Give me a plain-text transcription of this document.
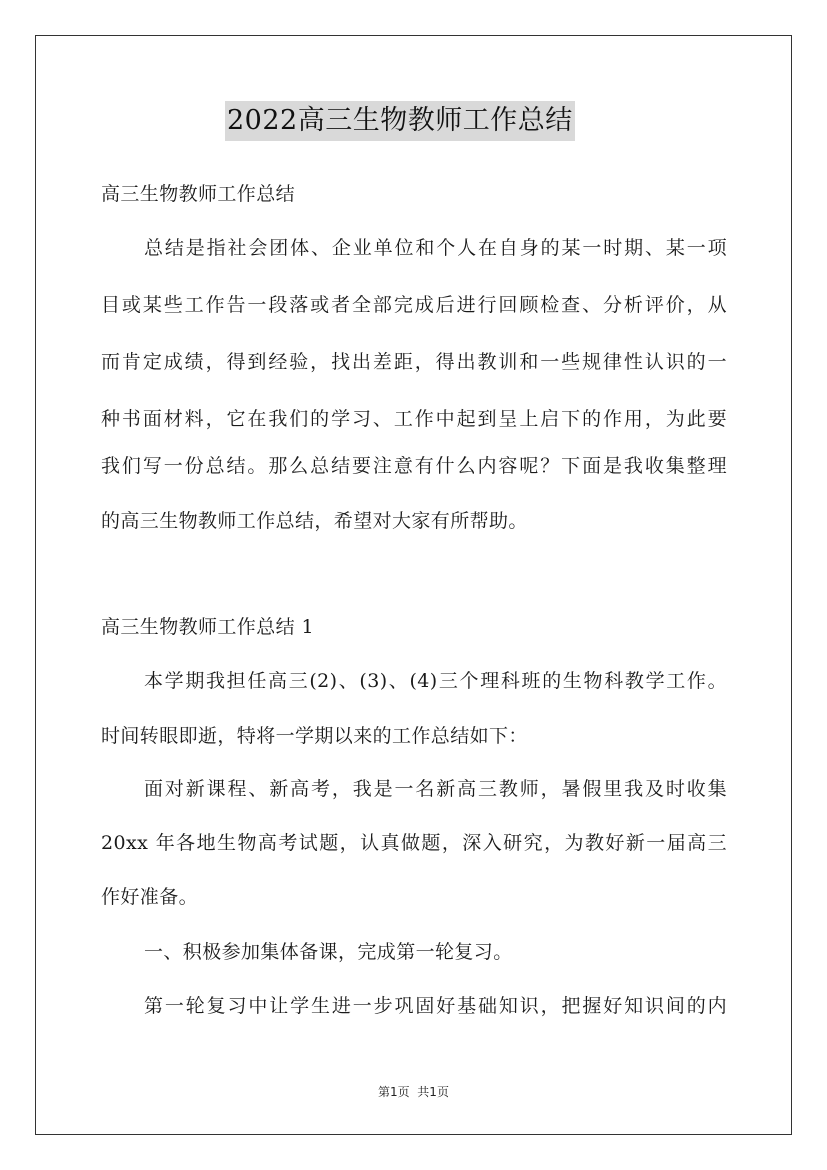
2022高三生物教师工作总结
高三生物教师工作总结
总结是指社会团体、企业单位和个人在自身的某一时期、某一项
目或某些工作告一段落或者全部完成后进行回顾检查、分析评价，从
而肯定成绩，得到经验，找出差距，得出教训和一些规律性认识的一
种书面材料，它在我们的学习、工作中起到呈上启下的作用，为此要
我们写一份总结。那么总结要注意有什么内容呢？下面是我收集整理
的高三生物教师工作总结，希望对大家有所帮助。
高三生物教师工作总结 1
本学期我担任高三(2)、(3)、(4)三个理科班的生物科教学工作。
时间转眼即逝，特将一学期以来的工作总结如下：
面对新课程、新高考，我是一名新高三教师，暑假里我及时收集
20xx 年各地生物高考试题，认真做题，深入研究，为教好新一届高三
作好准备。
一、积极参加集体备课，完成第一轮复习。
第一轮复习中让学生进一步巩固好基础知识，把握好知识间的内
第1页  共1页
